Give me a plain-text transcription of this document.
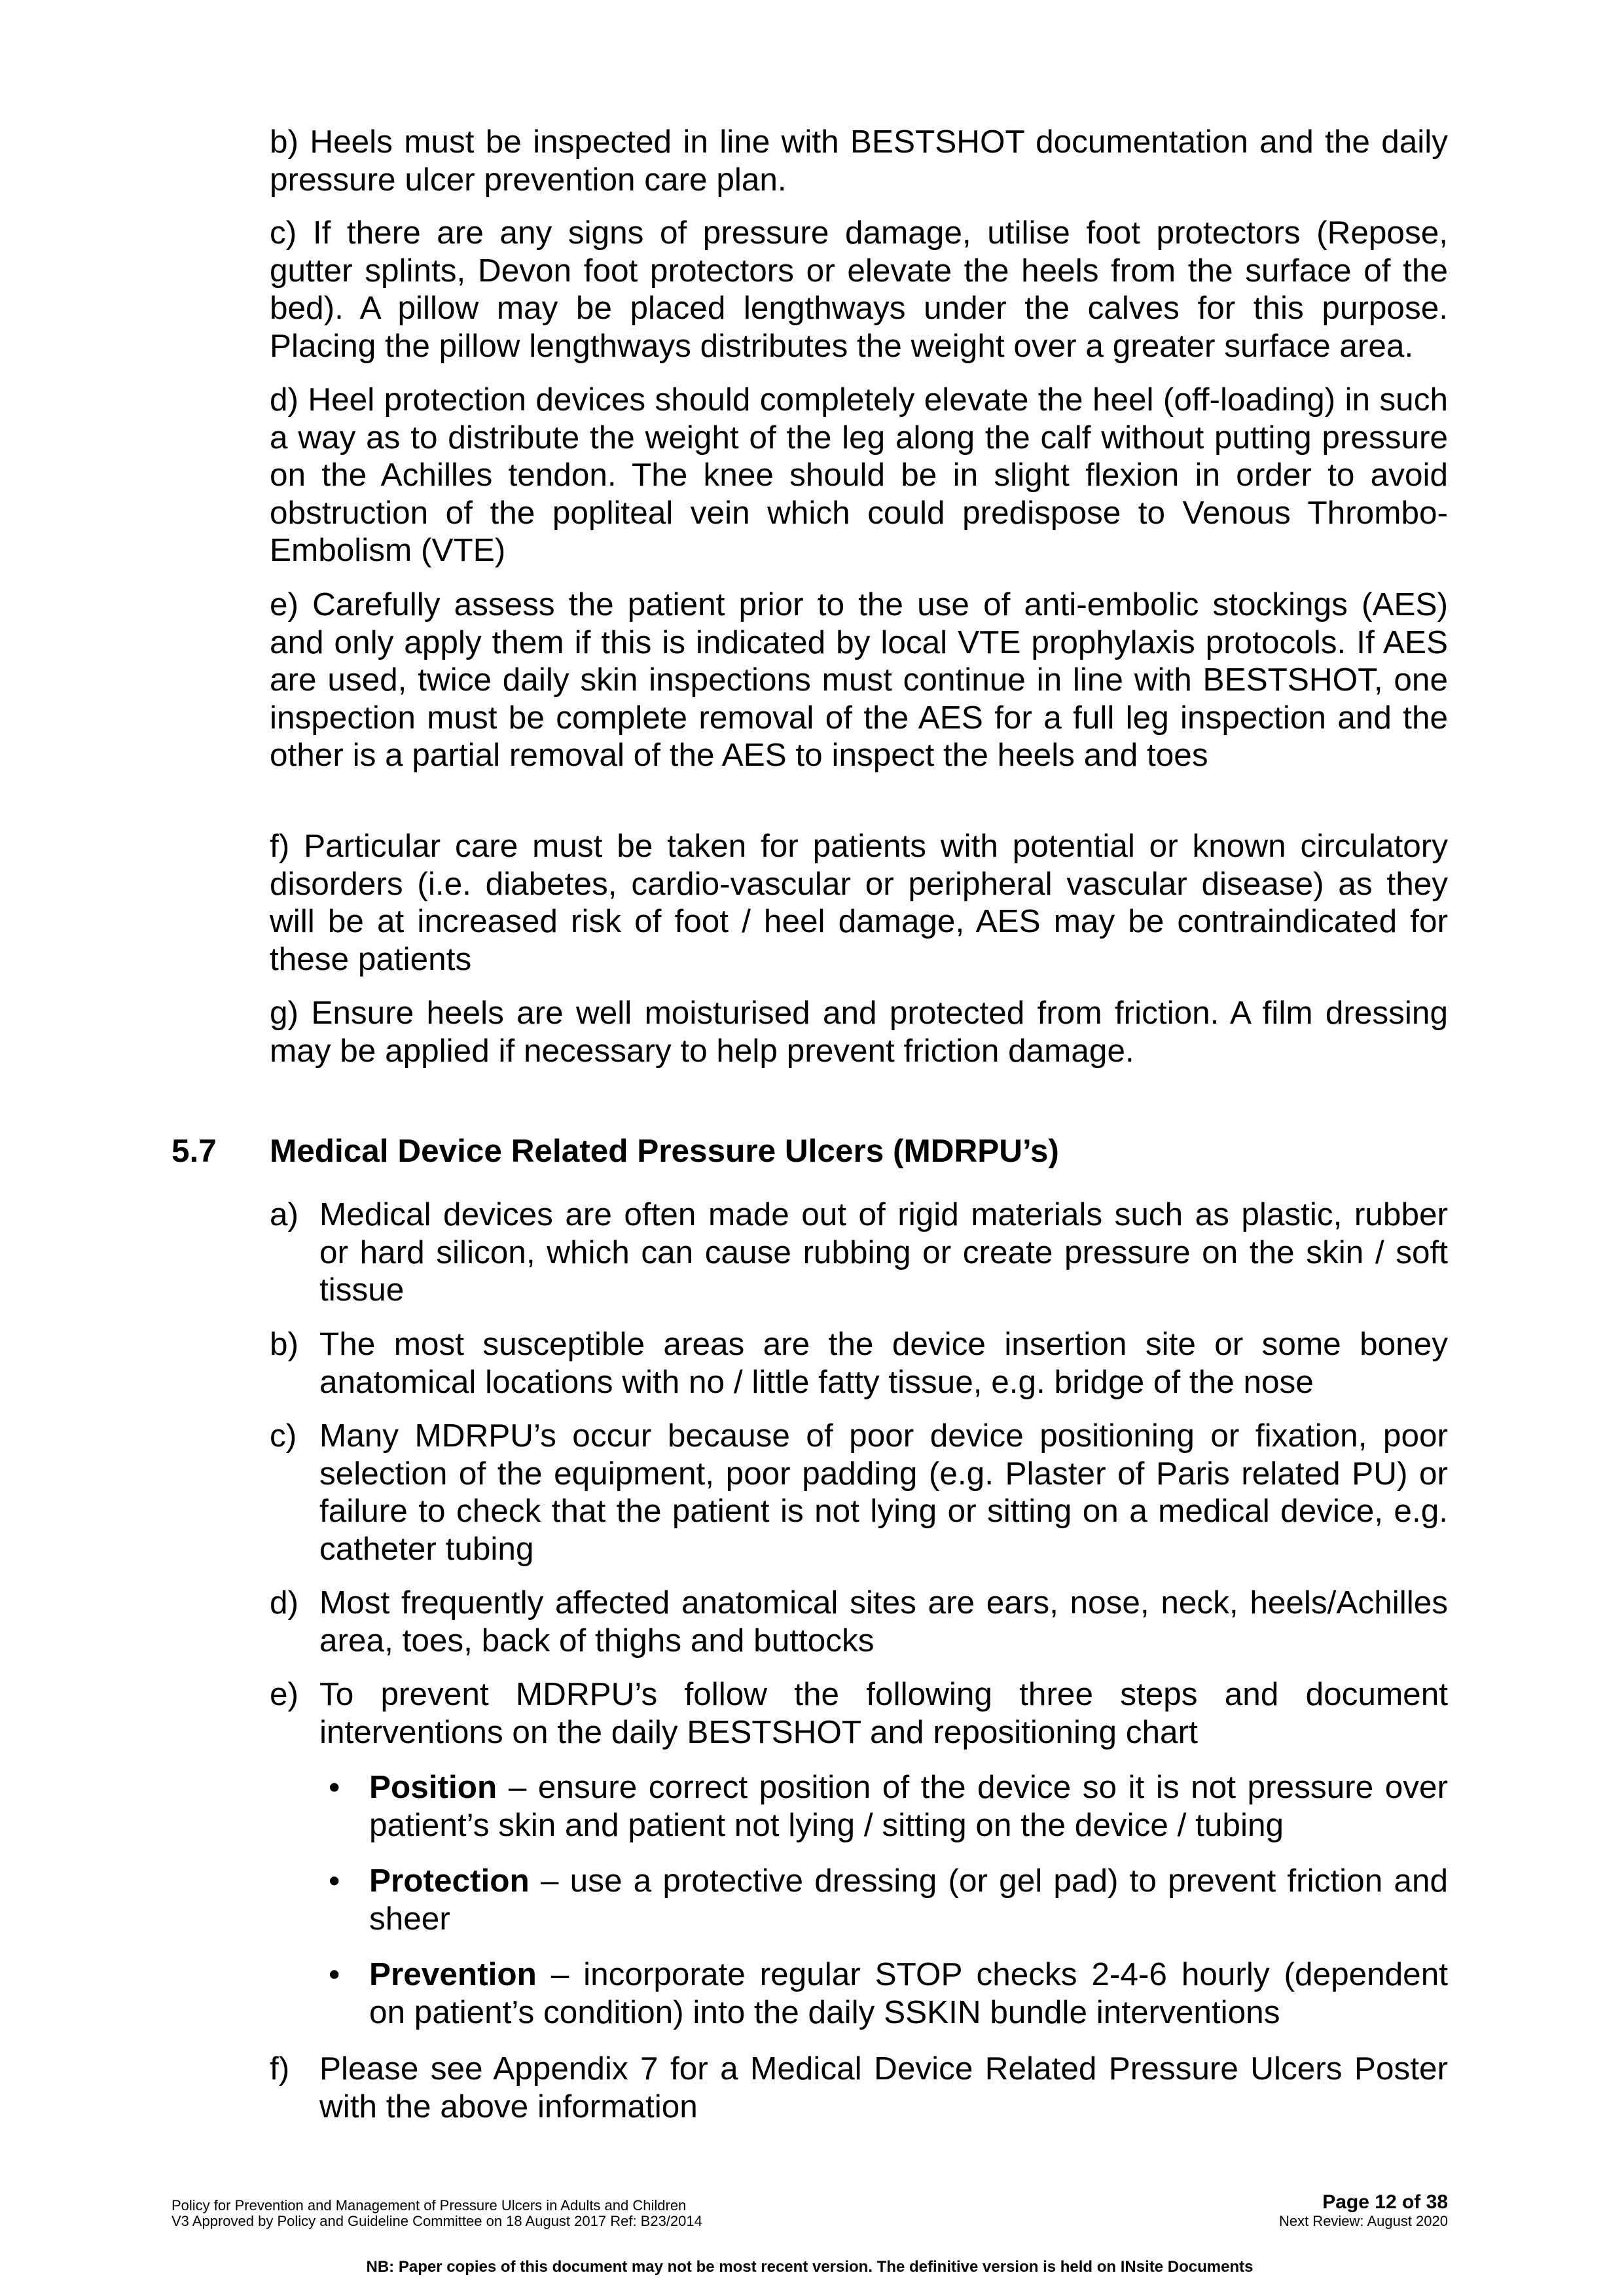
b) Heels must be inspected in line with BESTSHOT documentation and the daily pressure ulcer prevention care plan.

c) If there are any signs of pressure damage, utilise foot protectors (Repose, gutter splints, Devon foot protectors or elevate the heels from the surface of the bed). A pillow may be placed lengthways under the calves for this purpose. Placing the pillow lengthways distributes the weight over a greater surface area.

d) Heel protection devices should completely elevate the heel (off-loading) in such a way as to distribute the weight of the leg along the calf without putting pressure on the Achilles tendon. The knee should be in slight flexion in order to avoid obstruction of the popliteal vein which could predispose to Venous Thrombo-Embolism (VTE)

e) Carefully assess the patient prior to the use of anti-embolic stockings (AES) and only apply them if this is indicated by local VTE prophylaxis protocols. If AES are used, twice daily skin inspections must continue in line with BESTSHOT, one inspection must be complete removal of the AES for a full leg inspection and the other is a partial removal of the AES to inspect the heels and toes

f) Particular care must be taken for patients with potential or known circulatory disorders (i.e. diabetes, cardio-vascular or peripheral vascular disease) as they will be at increased risk of foot / heel damage, AES may be contraindicated for these patients

g) Ensure heels are well moisturised and protected from friction. A film dressing may be applied if necessary to help prevent friction damage.

5.7 Medical Device Related Pressure Ulcers (MDRPU’s)
a) Medical devices are often made out of rigid materials such as plastic, rubber or hard silicon, which can cause rubbing or create pressure on the skin / soft tissue
b) The most susceptible areas are the device insertion site or some boney anatomical locations with no / little fatty tissue, e.g. bridge of the nose
c) Many MDRPU’s occur because of poor device positioning or fixation, poor selection of the equipment, poor padding (e.g. Plaster of Paris related PU) or failure to check that the patient is not lying or sitting on a medical device, e.g. catheter tubing
d) Most frequently affected anatomical sites are ears, nose, neck, heels/Achilles area, toes, back of thighs and buttocks
e) To prevent MDRPU’s follow the following three steps and document interventions on the daily BESTSHOT and repositioning chart
• Position – ensure correct position of the device so it is not pressure over patient’s skin and patient not lying / sitting on the device / tubing
• Protection – use a protective dressing (or gel pad) to prevent friction and sheer
• Prevention – incorporate regular STOP checks 2-4-6 hourly (dependent on patient’s condition) into the daily SSKIN bundle interventions
f) Please see Appendix 7 for a Medical Device Related Pressure Ulcers Poster with the above information
Policy for Prevention and Management of Pressure Ulcers in Adults and Children	Page 12 of 38
V3 Approved by Policy and Guideline Committee on 18 August 2017 Ref: B23/2014	Next Review: August 2020
NB: Paper copies of this document may not be most recent version. The definitive version is held on INsite Documents
